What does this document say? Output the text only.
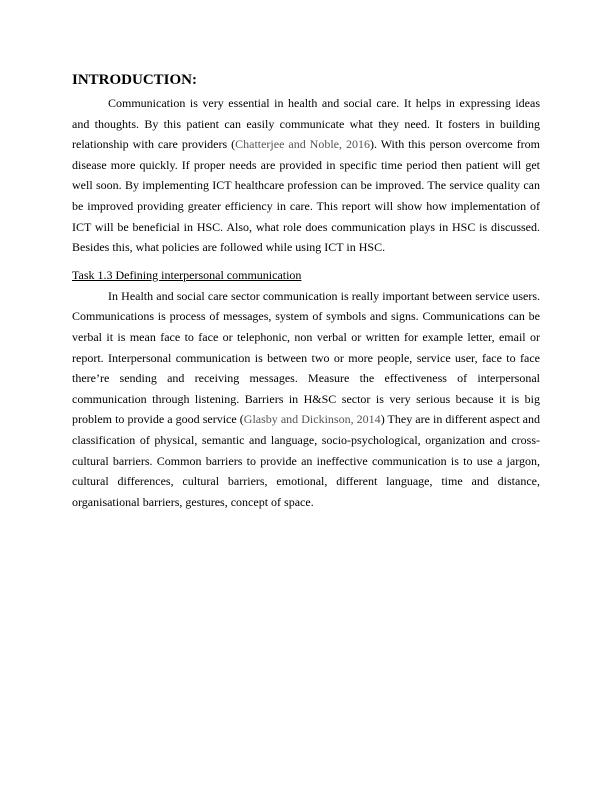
INTRODUCTION:

Communication is very essential in health and social care. It helps in expressing ideas and thoughts. By this patient can easily communicate what they need. It fosters in building relationship with care providers (Chatterjee and Noble, 2016). With this person overcome from disease more quickly. If proper needs are provided in specific time period then patient will get well soon. By implementing ICT healthcare profession can be improved. The service quality can be improved providing greater efficiency in care. This report will show how implementation of ICT will be beneficial in HSC. Also, what role does communication plays in HSC is discussed. Besides this, what policies are followed while using ICT in HSC.

Task 1.3 Defining interpersonal communication

In Health and social care sector communication is really important between service users. Communications is process of messages, system of symbols and signs. Communications can be verbal it is mean face to face or telephonic, non verbal or written for example letter, email or report. Interpersonal communication is between two or more people, service user, face to face there’re sending and receiving messages. Measure the effectiveness of interpersonal communication through listening. Barriers in H&SC sector is very serious because it is big problem to provide a good service (Glasby and Dickinson, 2014) They are in different aspect and classification of physical, semantic and language, socio-psychological, organization and cross- cultural barriers. Common barriers to provide an ineffective communication is to use a jargon, cultural differences, cultural barriers, emotional, different language, time and distance, organisational barriers, gestures, concept of space.
